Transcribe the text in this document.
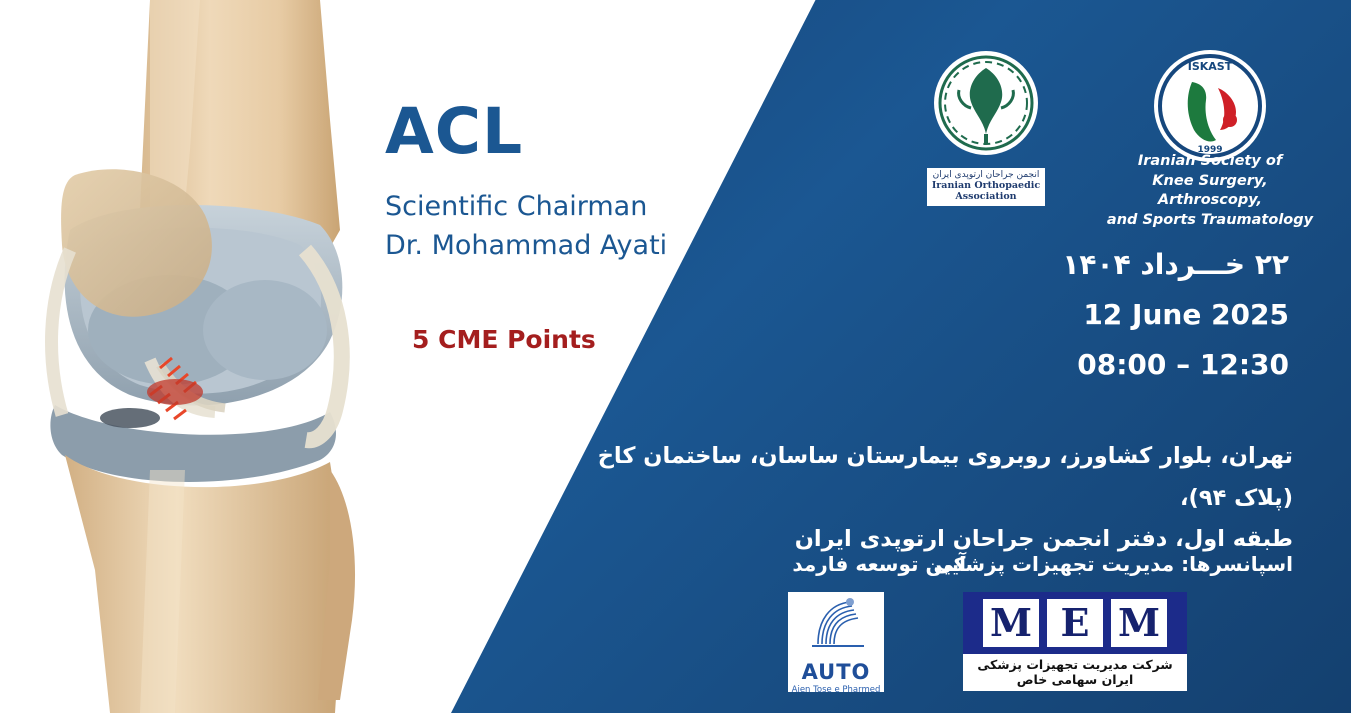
ACL
Scientific Chairman
Dr. Mohammad Ayati
5 CME Points
انجمن جراحان ارتوپدی ایران
Iranian Orthopaedic
Association
ISKAST
1999
Iranian Society of
Knee Surgery, Arthroscopy,
and Sports Traumatology
۲۲ خـــرداد ۱۴۰۴
12 June 2025
08:00 – 12:30
تهران، بلوار کشاورز، روبروی بیمارستان ساسان، ساختمان کاخ (پلاک ۹۴)،
طبقه اول، دفتر انجمن جراحان ارتوپدی ایران
اسپانسرها: مدیریت تجهیزات پزشکی
آیین توسعه فارمد
M E M
شرکت مدیریت تجهیزات پزشکی ایران سهامی خاص
AUTO
Aien Tose e Pharmed
